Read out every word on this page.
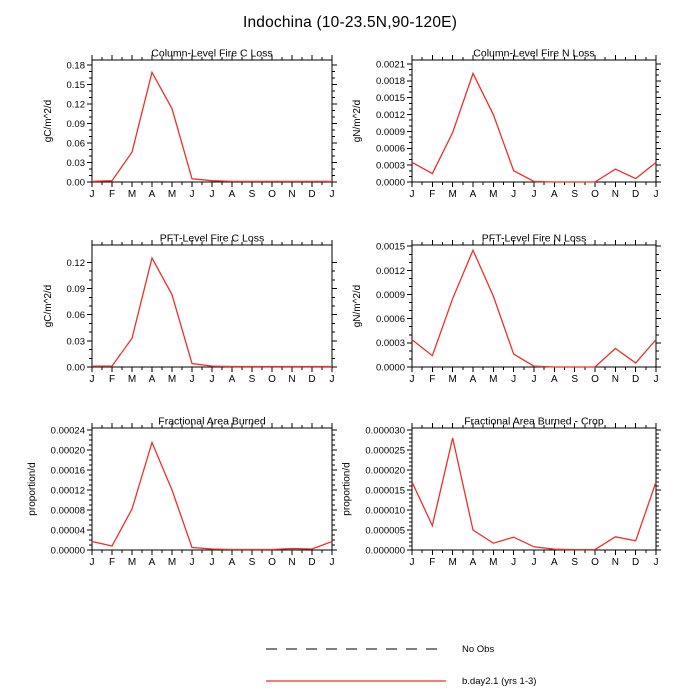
Indochina (10-23.5N,90-120E)
Column-Level Fire C Loss
J F M A M J J A S O N D J
0.00
0.03
0.06
0.09
0.12
0.15
0.18
gC/m^2/d
Column-Level Fire N Loss
J F M A M J J A S O N D J
0.0000
0.0003
0.0006
0.0009
0.0012
0.0015
0.0018
0.0021
gN/m^2/d
PFT-Level Fire C Loss
J F M A M J J A S O N D J
0.00
0.03
0.06
0.09
0.12
gC/m^2/d
PFT-Level Fire N Loss
J F M A M J J A S O N D J
0.0000
0.0003
0.0006
0.0009
0.0012
0.0015
gN/m^2/d
Fractional Area Burned
J F M A M J J A S O N D J
0.00000
0.00004
0.00008
0.00012
0.00016
0.00020
0.00024
proportion/d
Fractional Area Burned - Crop
J F M A M J J A S O N D J
0.000000
0.000005
0.000010
0.000015
0.000020
0.000025
0.000030
proportion/d
No Obs
b.day2.1 (yrs 1-3)
